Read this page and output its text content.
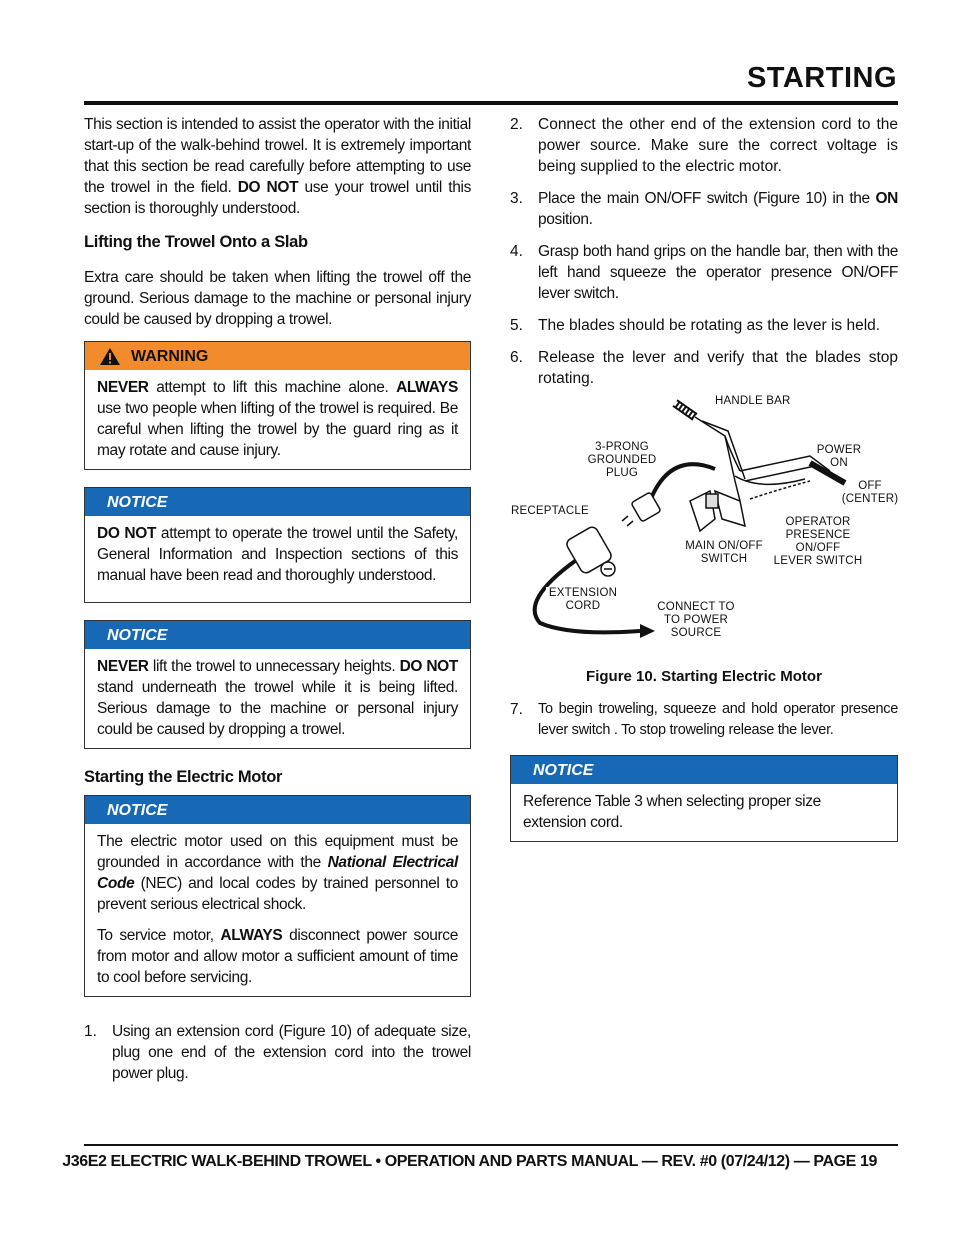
STARTING

This section is intended to assist the operator with the initial start-up of the walk-behind trowel. It is extremely important that this section be read carefully before attempting to use the trowel in the field. DO NOT use your trowel until this section is thoroughly understood.

Lifting the Trowel Onto a Slab

Extra care should be taken when lifting the trowel off the ground. Serious damage to the machine or personal injury could be caused by dropping a trowel.

WARNING

NEVER attempt to lift this machine alone. ALWAYS use two people when lifting of the trowel is required. Be careful when lifting the trowel by the guard ring as it may rotate and cause injury.

NOTICE

DO NOT attempt to operate the trowel until the Safety, General Information and Inspection sections of this manual have been read and thoroughly understood.

NOTICE

NEVER lift the trowel to unnecessary heights. DO NOT stand underneath the trowel while it is being lifted. Serious damage to the machine or personal injury could be caused by dropping a trowel.

Starting the Electric Motor
NOTICE

The electric motor used on this equipment must be grounded in accordance with the National Electrical Code (NEC) and local codes by trained personnel to prevent serious electrical shock.

To service motor, ALWAYS disconnect power source from motor and allow motor a sufficient amount of time to cool before servicing.

1. Using an extension cord (Figure 10) of adequate size, plug one end of the extension cord into the trowel power plug.
2. Connect the other end of the extension cord to the power source. Make sure the correct voltage is being supplied to the electric motor.
3. Place the main ON/OFF switch (Figure 10) in the ON position.
4. Grasp both hand grips on the handle bar, then with the left hand squeeze the operator presence ON/OFF lever switch.
5. The blades should be rotating as the lever is held.
6. Release the lever and verify that the blades stop rotating.
HANDLE BAR
3-PRONG
GROUNDED
PLUG
POWER
ON
OFF
(CENTER)
RECEPTACLE
OPERATOR
PRESENCE
ON/OFF
LEVER SWITCH
MAIN ON/OFF
SWITCH
EXTENSION
CORD	CONNECT TO
TO POWER
SOURCE
Figure 10. Starting Electric Motor
7.	To begin troweling, squeeze and hold operator presence lever switch . To stop troweling release the lever.
NOTICE

Reference Table 3 when selecting proper size extension cord.

J36E2 ELECTRIC WALK-BEHIND TROWEL • OPERATION AND PARTS MANUAL — REV. #0 (07/24/12) — PAGE 19
